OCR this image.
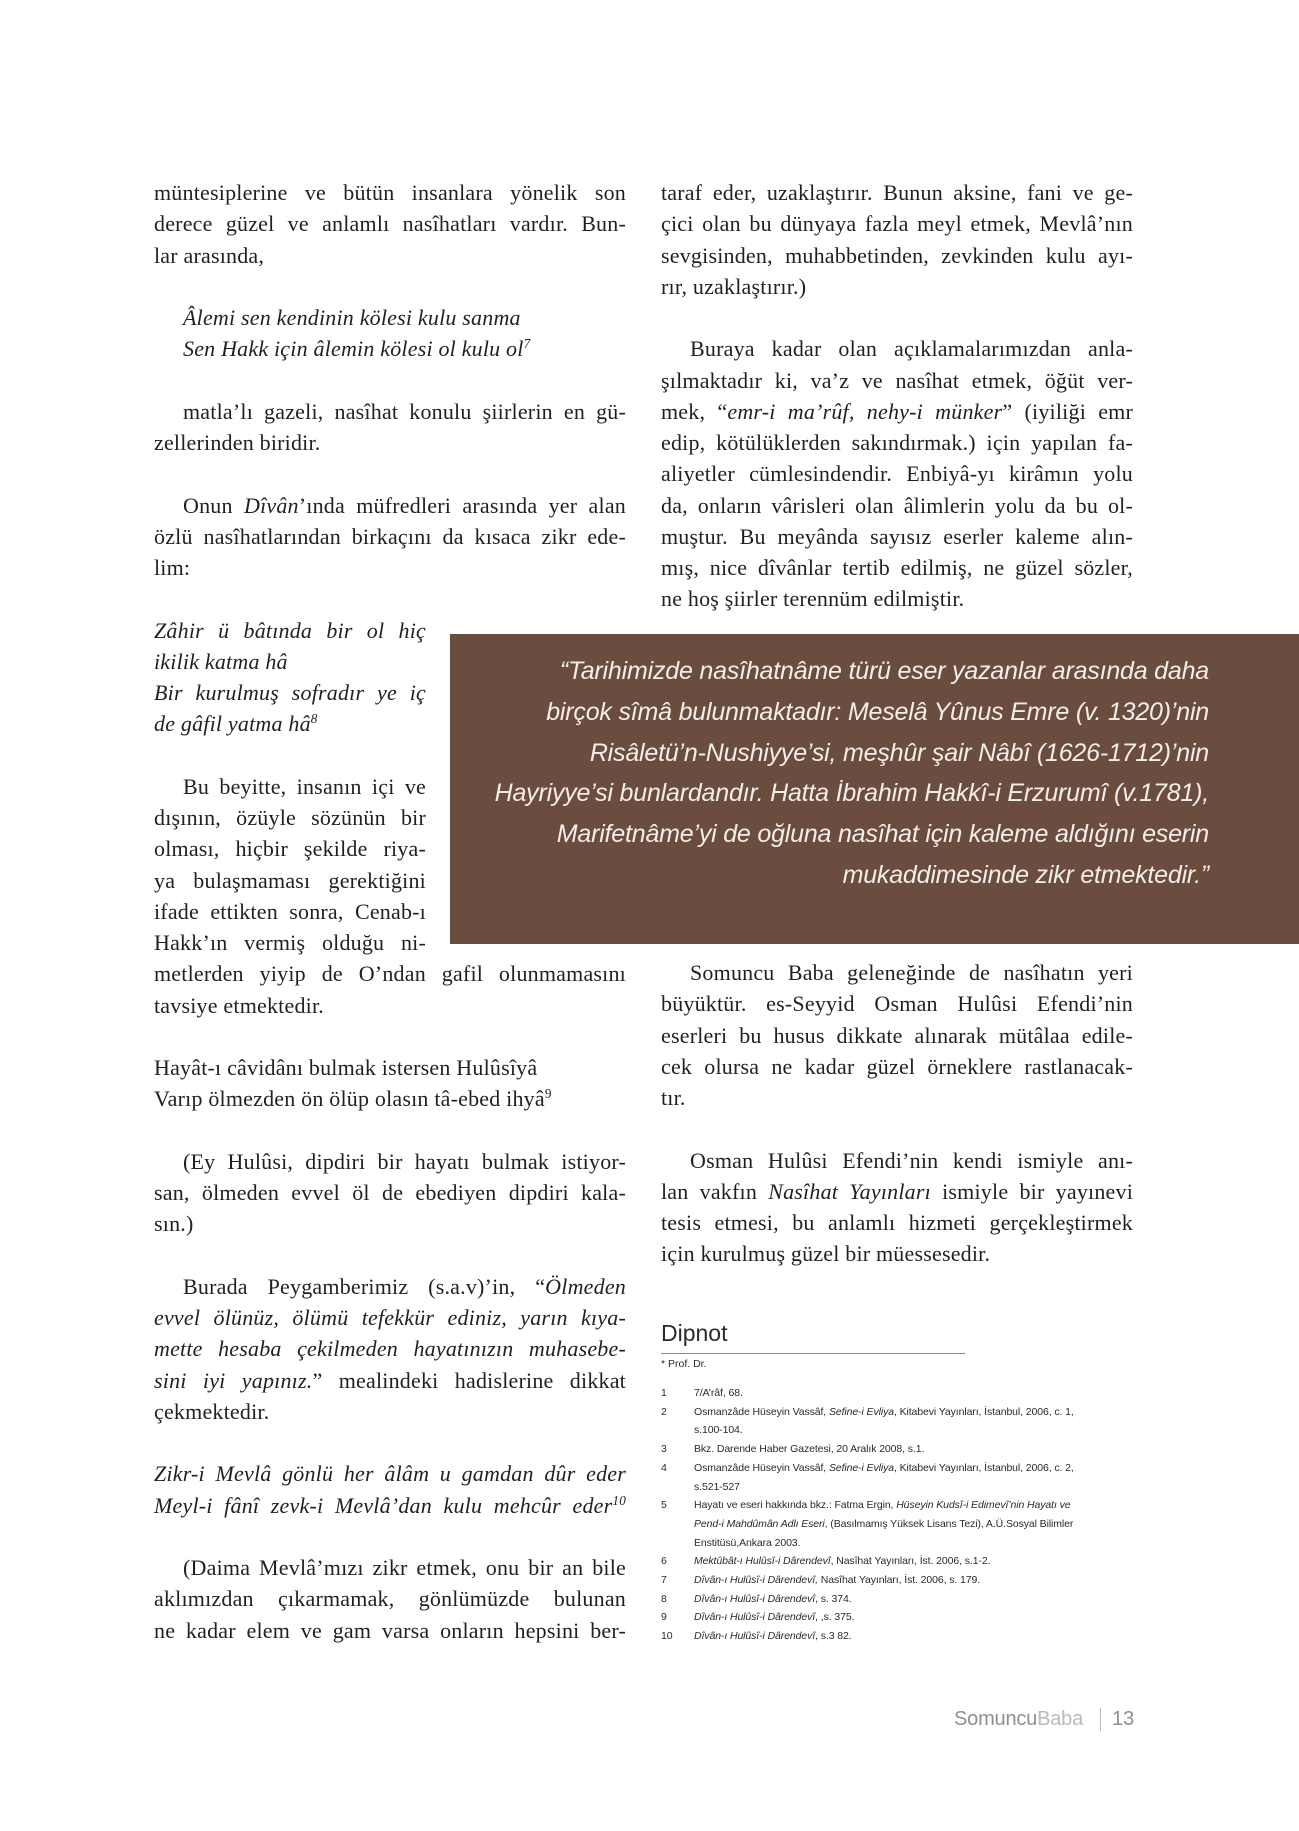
müntesiplerine ve bütün insanlara yönelik son
derece güzel ve anlamlı nasîhatları vardır. Bun-
lar arasında,
Âlemi sen kendinin kölesi kulu sanma
Sen Hakk için âlemin kölesi ol kulu $ol^7$
matla’lı gazeli, nasîhat konulu şiirlerin en gü-
zellerinden biridir.
Onun Dîvân’ında müfredleri arasında yer alan
özlü nasîhatlarından birkaçını da kısaca zikr ede-
lim:
Zâhir ü bâtında bir ol hiç
ikilik katma hâ
Bir kurulmuş sofradır ye iç
de gâfil yatma $hâ^8$
Bu beyitte, insanın içi ve
dışının, özüyle sözünün bir
olması, hiçbir şekilde riya-
ya bulaşmaması gerektiğini
ifade ettikten sonra, Cenab-ı
Hakk’ın vermiş olduğu ni-
metlerden yiyip de O’ndan gafil olunmamasını
tavsiye etmektedir.
Hayât-ı câvidânı bulmak istersen Hulûsîyâ
Varıp ölmezden ön ölüp olasın tâ-ebed ihyâ$^9$
(Ey Hulûsi, dipdiri bir hayatı bulmak istiyor-
san, ölmeden evvel öl de ebediyen dipdiri kala-
sın.)
Burada Peygamberimiz (s.a.v)’in, “Ölmeden
evvel ölünüz, ölümü tefekkür ediniz, yarın kıya-
mette hesaba çekilmeden hayatınızın muhasebe-
sini iyi yapınız.” mealindeki hadislerine dikkat
çekmektedir.
Zikr-i Mevlâ gönlü her âlâm u gamdan dûr eder
Meyl-i fânî zevk-i Mevlâ’dan kulu mehcûr eder$^{10}$
(Daima Mevlâ’mızı zikr etmek, onu bir an bile
aklımızdan çıkarmamak, gönlümüzde bulunan
ne kadar elem ve gam varsa onların hepsini ber-
taraf eder, uzaklaştırır. Bunun aksine, fani ve ge-
çici olan bu dünyaya fazla meyl etmek, Mevlâ’nın
sevgisinden, muhabbetinden, zevkinden kulu ayı-
rır, uzaklaştırır.)
Buraya kadar olan açıklamalarımızdan anla-
şılmaktadır ki, va’z ve nasîhat etmek, öğüt ver-
mek, “emr-i ma’rûf, nehy-i münker” (iyiliği emr
edip, kötülüklerden sakındırmak.) için yapılan fa-
aliyetler cümlesindendir. Enbiyâ-yı kirâmın yolu
da, onların vârisleri olan âlimlerin yolu da bu ol-
muştur. Bu meyânda sayısız eserler kaleme alın-
mış, nice dîvânlar tertib edilmiş, ne güzel sözler,
ne hoş şiirler terennüm edilmiştir.
“Tarihimizde nasîhatnâme türü eser yazanlar arasında daha
birçok sîmâ bulunmaktadır: Meselâ Yûnus Emre (v. 1320)’nin
Risâletü’n-Nushiyye’si, meşhûr şair Nâbî (1626-1712)’nin
Hayriyye’si bunlardandır. Hatta İbrahim Hakkî-i Erzurumî (v.1781),
Marifetnâme’yi de oğluna nasîhat için kaleme aldığını eserin
mukaddimesinde zikr etmektedir.”
Somuncu Baba geleneğinde de nasîhatın yeri
büyüktür. es-Seyyid Osman Hulûsi Efendi’nin
eserleri bu husus dikkate alınarak mütâlaa edile-
cek olursa ne kadar güzel örneklere rastlanacak-
tır.
Osman Hulûsi Efendi’nin kendi ismiyle anı-
lan vakfın Nasîhat Yayınları ismiyle bir yayınevi
tesis etmesi, bu anlamlı hizmeti gerçekleştirmek
için kurulmuş güzel bir müessesedir.
Dipnot
* Prof. Dr.
1	7/A’râf, 68.
2	Osmanzâde Hüseyin Vassâf, Sefine-i Evliya, Kitabevi Yayınları, İstanbul, 2006, c. 1,
s.100-104.
3	Bkz. Darende Haber Gazetesi, 20 Aralık 2008, s.1.
4	Osmanzâde Hüseyin Vassâf, Sefine-i Evliya, Kitabevi Yayınları, İstanbul, 2006, c. 2,
s.521-527
5	Hayatı ve eseri hakkında bkz.: Fatma Ergin, Hüseyin Kudsî-i Edimevî’nin Hayatı ve
Pend-i Mahdûmân Adlı Eseri, (Basılmamış Yüksek Lisans Tezi), A.Ü.Sosyal Bilimler
Enstitüsü,Ankara 2003.
6	Mektûbât-ı Hulûsî-i Dârendevî, Nasîhat Yayınları, İst. 2006, s.1-2.
7	Dîvân-ı Hulûsî-i Dârendevî, Nasîhat Yayınları, İst. 2006, s. 179.
8	Dîvân-ı Hulûsî-i Dârendevî, s. 374.
9	Dîvân-ı Hulûsî-i Dârendevî, ,s. 375.
10	Dîvân-ı Hulûsî-i Dârendevî, s.3 82.
SomuncuBaba 13
